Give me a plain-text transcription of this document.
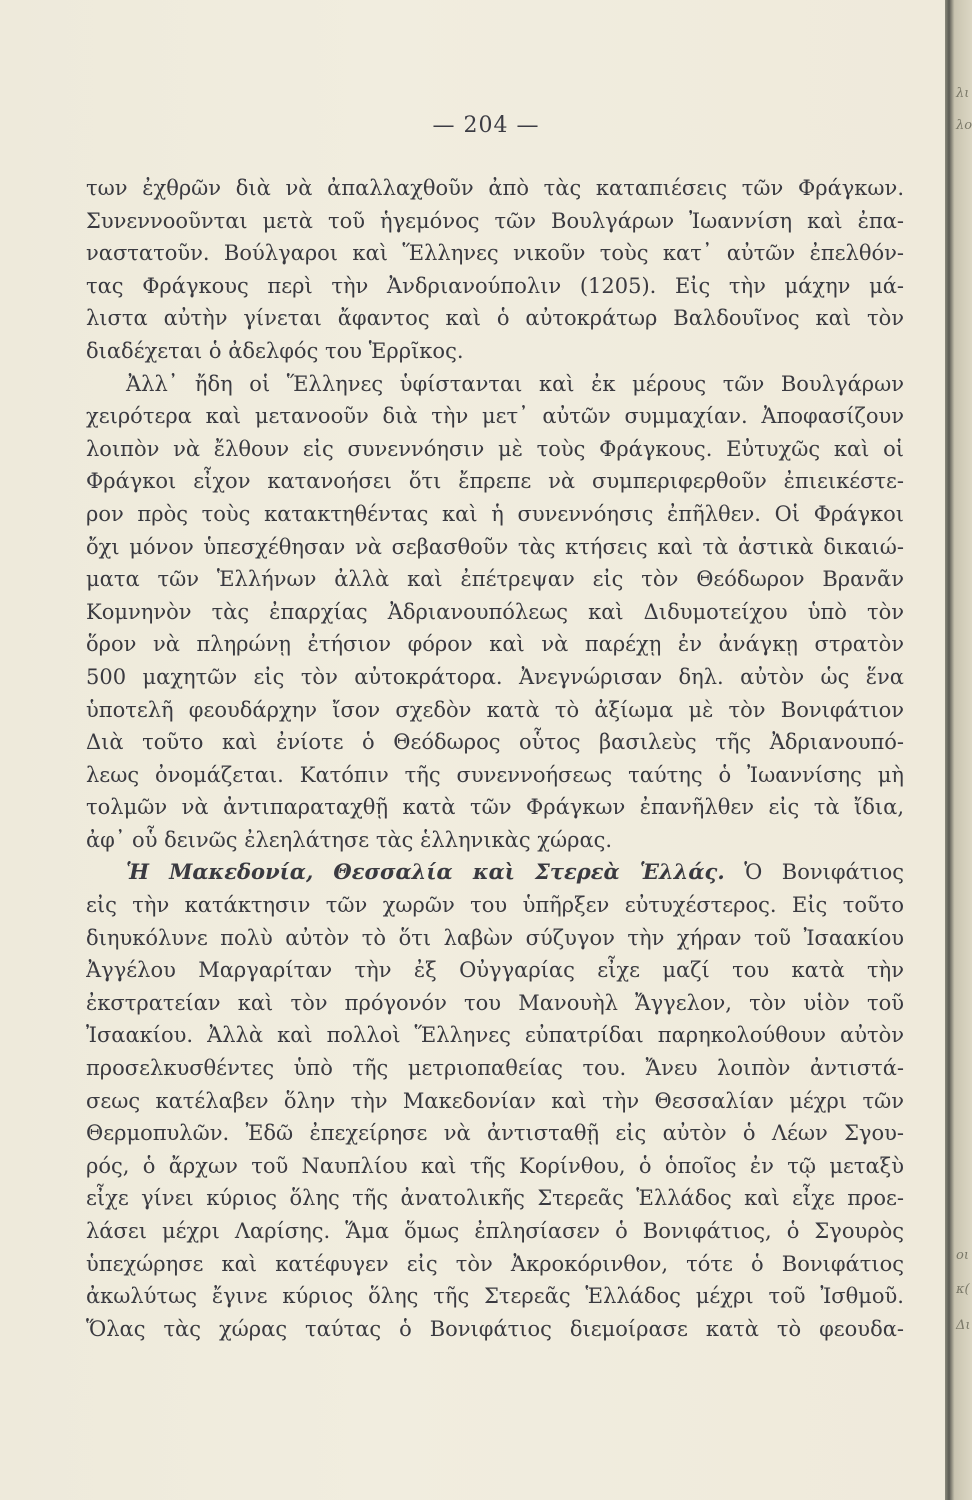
— 204 —
των ἐχθρῶν διὰ νὰ ἀπαλλαχθοῦν ἀπὸ τὰς καταπιέσεις τῶν Φράγκων.
Συνεννοοῦνται μετὰ τοῦ ἡγεμόνος τῶν Βουλγάρων Ἰωαννίση καὶ ἐπα-
ναστατοῦν. Βούλγαροι καὶ Ἕλληνες νικοῦν τοὺς κατ᾿ αὐτῶν ἐπελθόν-
τας Φράγκους περὶ τὴν Ἀνδριανούπολιν (1205). Εἰς τὴν μάχην μά-
λιστα αὐτὴν γίνεται ἄφαντος καὶ ὁ αὐτοκράτωρ Βαλδουῖνος καὶ τὸν
διαδέχεται ὁ ἀδελφός του Ἑρρῖκος.
Ἀλλ᾿ ἤδη οἱ Ἕλληνες ὑφίστανται καὶ ἐκ μέρους τῶν Βουλγάρων
χειρότερα καὶ μετανοοῦν διὰ τὴν μετ᾿ αὐτῶν συμμαχίαν. Ἀποφασίζουν
λοιπὸν νὰ ἔλθουν εἰς συνεννόησιν μὲ τοὺς Φράγκους. Εὐτυχῶς καὶ οἱ
Φράγκοι εἶχον κατανοήσει ὅτι ἔπρεπε νὰ συμπεριφερθοῦν ἐπιεικέστε-
ρον πρὸς τοὺς κατακτηθέντας καὶ ἡ συνεννόησις ἐπῆλθεν. Οἱ Φράγκοι
ὄχι μόνον ὑπεσχέθησαν νὰ σεβασθοῦν τὰς κτήσεις καὶ τὰ ἀστικὰ δικαιώ-
ματα τῶν Ἑλλήνων ἀλλὰ καὶ ἐπέτρεψαν εἰς τὸν Θεόδωρον Βρανᾶν
Κομνηνὸν τὰς ἐπαρχίας Ἀδριανουπόλεως καὶ Διδυμοτείχου ὑπὸ τὸν
ὅρον νὰ πληρώνῃ ἐτήσιον φόρον καὶ νὰ παρέχῃ ἐν ἀνάγκῃ στρατὸν
500 μαχητῶν εἰς τὸν αὐτοκράτορα. Ἀνεγνώρισαν δηλ. αὐτὸν ὡς ἕνα
ὑποτελῆ φεουδάρχην ἴσον σχεδὸν κατὰ τὸ ἀξίωμα μὲ τὸν Βονιφάτιον
Διὰ τοῦτο καὶ ἐνίοτε ὁ Θεόδωρος οὗτος βασιλεὺς τῆς Ἀδριανουπό-
λεως ὀνομάζεται. Κατόπιν τῆς συνεννοήσεως ταύτης ὁ Ἰωαννίσης μὴ
τολμῶν νὰ ἀντιπαραταχθῇ κατὰ τῶν Φράγκων ἐπανῆλθεν εἰς τὰ ἴδια,
ἀφ᾿ οὗ δεινῶς ἐλεηλάτησε τὰς ἑλληνικὰς χώρας.
Ἡ Μακεδονία, Θεσσαλία καὶ Στερεὰ Ἑλλάς. Ὁ Βονιφάτιος
εἰς τὴν κατάκτησιν τῶν χωρῶν του ὑπῆρξεν εὐτυχέστερος. Εἰς τοῦτο
διηυκόλυνε πολὺ αὐτὸν τὸ ὅτι λαβὼν σύζυγον τὴν χήραν τοῦ Ἰσαακίου
Ἀγγέλου Μαργαρίταν τὴν ἐξ Οὐγγαρίας εἶχε μαζί του κατὰ τὴν
ἐκστρατείαν καὶ τὸν πρόγονόν του Μανουὴλ Ἄγγελον, τὸν υἱὸν τοῦ
Ἰσαακίου. Ἀλλὰ καὶ πολλοὶ Ἕλληνες εὐπατρίδαι παρηκολούθουν αὐτὸν
προσελκυσθέντες ὑπὸ τῆς μετριοπαθείας του. Ἄνευ λοιπὸν ἀντιστά-
σεως κατέλαβεν ὅλην τὴν Μακεδονίαν καὶ τὴν Θεσσαλίαν μέχρι τῶν
Θερμοπυλῶν. Ἐδῶ ἐπεχείρησε νὰ ἀντισταθῇ εἰς αὐτὸν ὁ Λέων Σγου-
ρός, ὁ ἄρχων τοῦ Ναυπλίου καὶ τῆς Κορίνθου, ὁ ὁποῖος ἐν τῷ μεταξὺ
εἶχε γίνει κύριος ὅλης τῆς ἀνατολικῆς Στερεᾶς Ἑλλάδος καὶ εἶχε προε-
λάσει μέχρι Λαρίσης. Ἅμα ὅμως ἐπλησίασεν ὁ Βονιφάτιος, ὁ Σγουρὸς
ὑπεχώρησε καὶ κατέφυγεν εἰς τὸν Ἀκροκόρινθον, τότε ὁ Βονιφάτιος
ἀκωλύτως ἔγινε κύριος ὅλης τῆς Στερεᾶς Ἑλλάδος μέχρι τοῦ Ἰσθμοῦ.
Ὅλας τὰς χώρας ταύτας ὁ Βονιφάτιος διεμοίρασε κατὰ τὸ φεουδα-
λι
λο
οι
κ(
Δι
